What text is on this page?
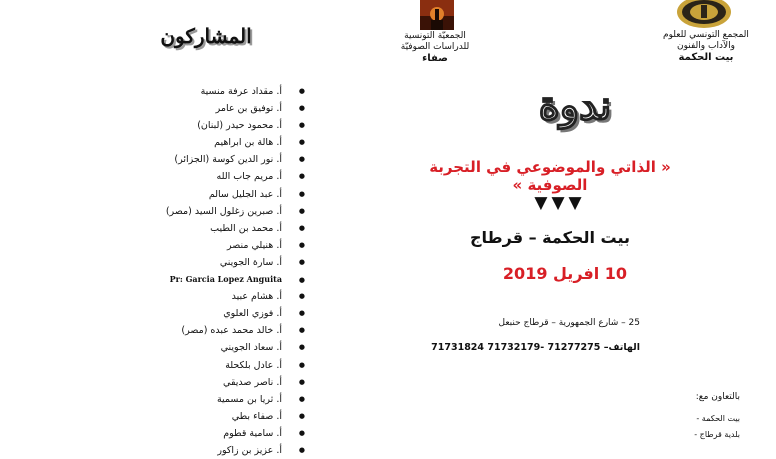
الجمعيّة التونسية
للدراسات الصوفيّة
صفاء
المجمع التونسي للعلوم
والآداب والفنون
بيت الحكمة
المشاركون
●
أ. مقداد عرفة منسية
●
أ. توفيق بن عامر
●
أ. محمود حيدر (لبنان)
●
أ. هالة بن ابراهيم
●
أ. نور الدين كوسة (الجزائر)
●
أ. مريم جاب الله
●
أ. عبد الجليل سالم
●
أ. صبرين زغلول السيد (مصر)
●
أ. محمد بن الطيب
●
أ. هنيلي منصر
●
أ. سارة الجويني
●
Pr: Garcia Lopez Anguita
●
أ. هشام عبيد
●
أ. فوزي العلوي
●
أ. خالد محمد عبده (مصر)
●
أ. سعاد الجويني
●
أ. عادل بلكحلة
●
أ. ناصر صديقي
●
أ. ثريا بن مسمية
●
أ. صفاء بطي
●
أ. سامية قطوم
●
أ. عزيز بن زاكور
ندوة
« الذاتي والموضوعي في التجربة الصوفية »
▼▼▼
بيت الحكمة – قرطاج
10 افريل 2019
25 – شارع الجمهورية – قرطاج حنبعل
الهاتف– 71277275 -71732179 71731824
بالتعاون مع:
بيت الحكمة -
بلدية قرطاج -
